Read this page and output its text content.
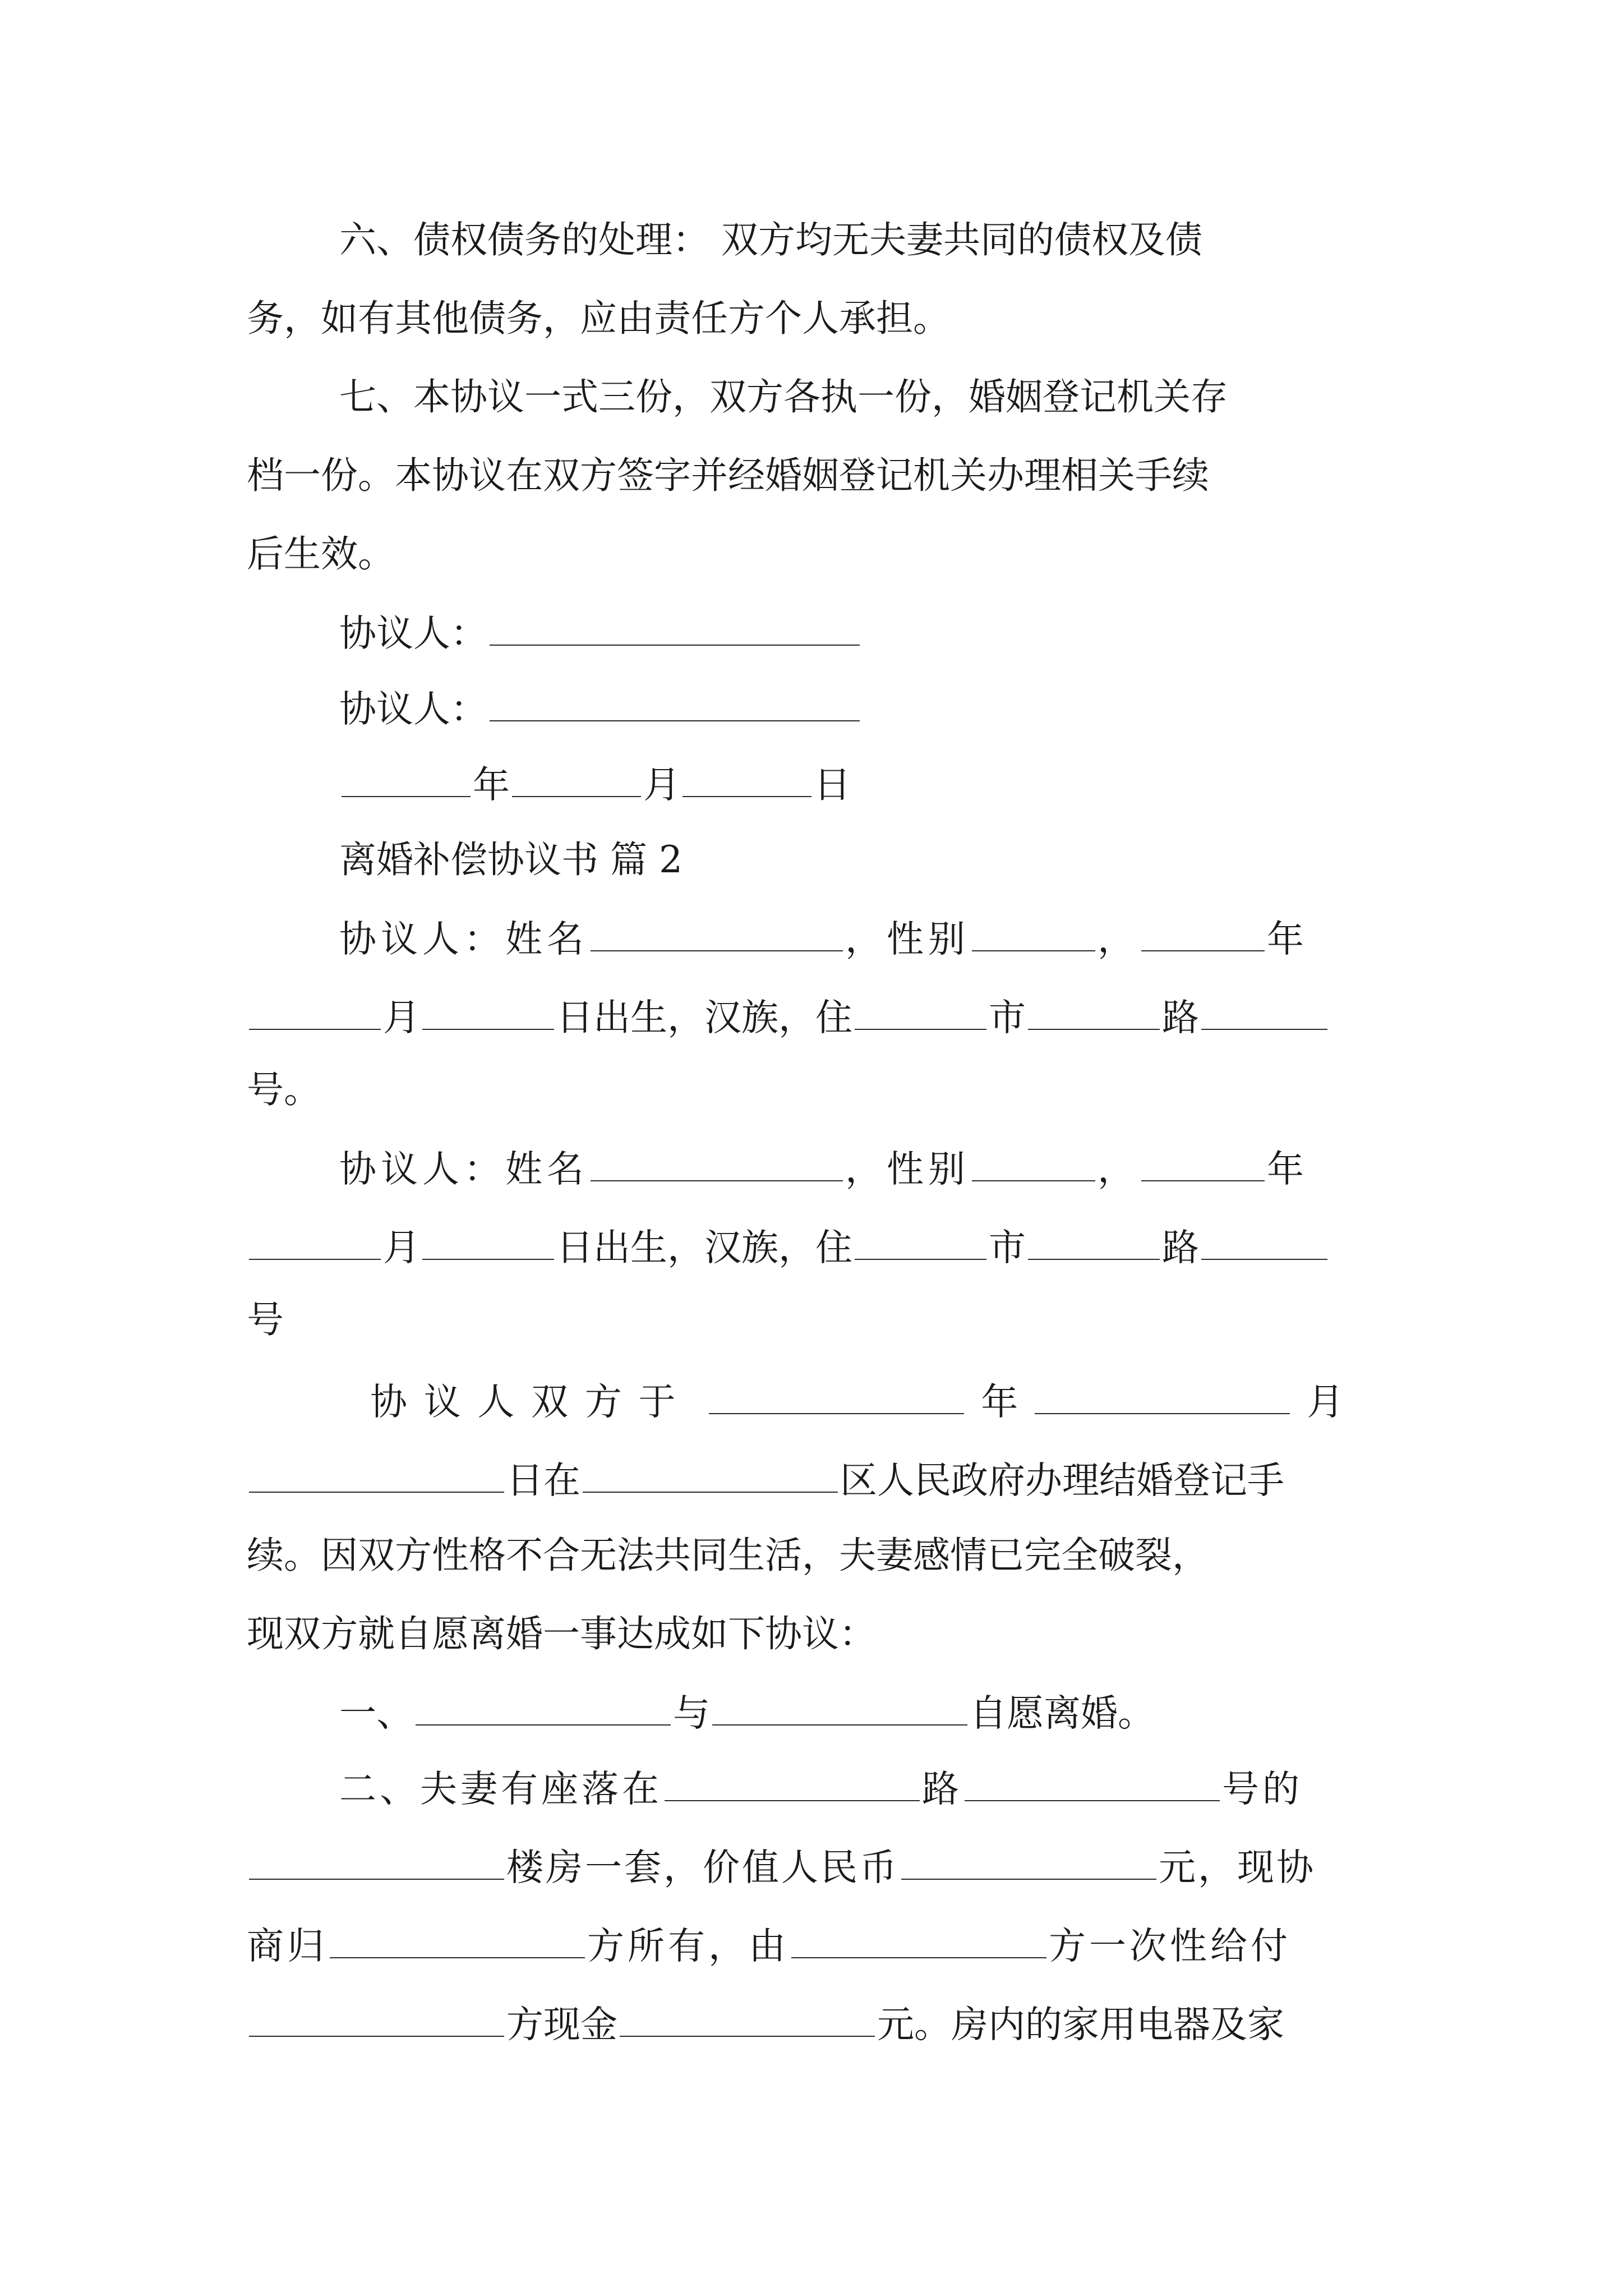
六、债权债务的处理： 双方均无夫妻共同的债权及债
务，如有其他债务，应由责任方个人承担。
七、本协议一式三份，双方各执一份，婚姻登记机关存
档一份。本协议在双方签字并经婚姻登记机关办理相关手续
后生效。
协议人：
协议人：
年	月	日
离婚补偿协议书 篇 2
协议人：姓名	，性别	，	年
月	日出生，汉族，住	市	路
号。
协议人：姓名	，性别	，	年
月	日出生，汉族，住	市	路
号
协议人双方于	年	月
日在	区人民政府办理结婚登记手
续。因双方性格不合无法共同生活，夫妻感情已完全破裂，
现双方就自愿离婚一事达成如下协议：
一、	与	自愿离婚。
二、夫妻有座落在	路	号的
楼房一套，价值人民币	元，现协
商归	方所有，由	方一次性给付
方现金	元。房内的家用电器及家
